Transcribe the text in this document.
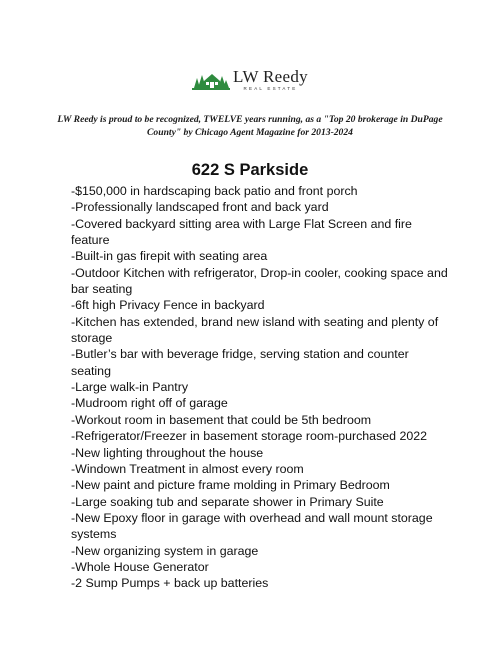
LW Reedy
REAL ESTATE

LW Reedy is proud to be recognized, TWELVE years running, as a "Top 20 brokerage in DuPage County" by Chicago Agent Magazine for 2013-2024

622 S Parkside
-$150,000 in hardscaping back patio and front porch
-Professionally landscaped front and back yard
-Covered backyard sitting area with Large Flat Screen and fire feature
-Built-in gas firepit with seating area
-Outdoor Kitchen with refrigerator, Drop-in cooler, cooking space and bar seating
-6ft high Privacy Fence in backyard
-Kitchen has extended, brand new island with seating and plenty of storage
-Butler’s bar with beverage fridge, serving station and counter seating
-Large walk-in Pantry
-Mudroom right off of garage
-Workout room in basement that could be 5th bedroom
-Refrigerator/Freezer in basement storage room-purchased 2022
-New lighting throughout the house
-Windown Treatment in almost every room
-New paint and picture frame molding in Primary Bedroom
-Large soaking tub and separate shower in Primary Suite
-New Epoxy floor in garage with overhead and wall mount storage systems
-New organizing system in garage
-Whole House Generator
-2 Sump Pumps + back up batteries
